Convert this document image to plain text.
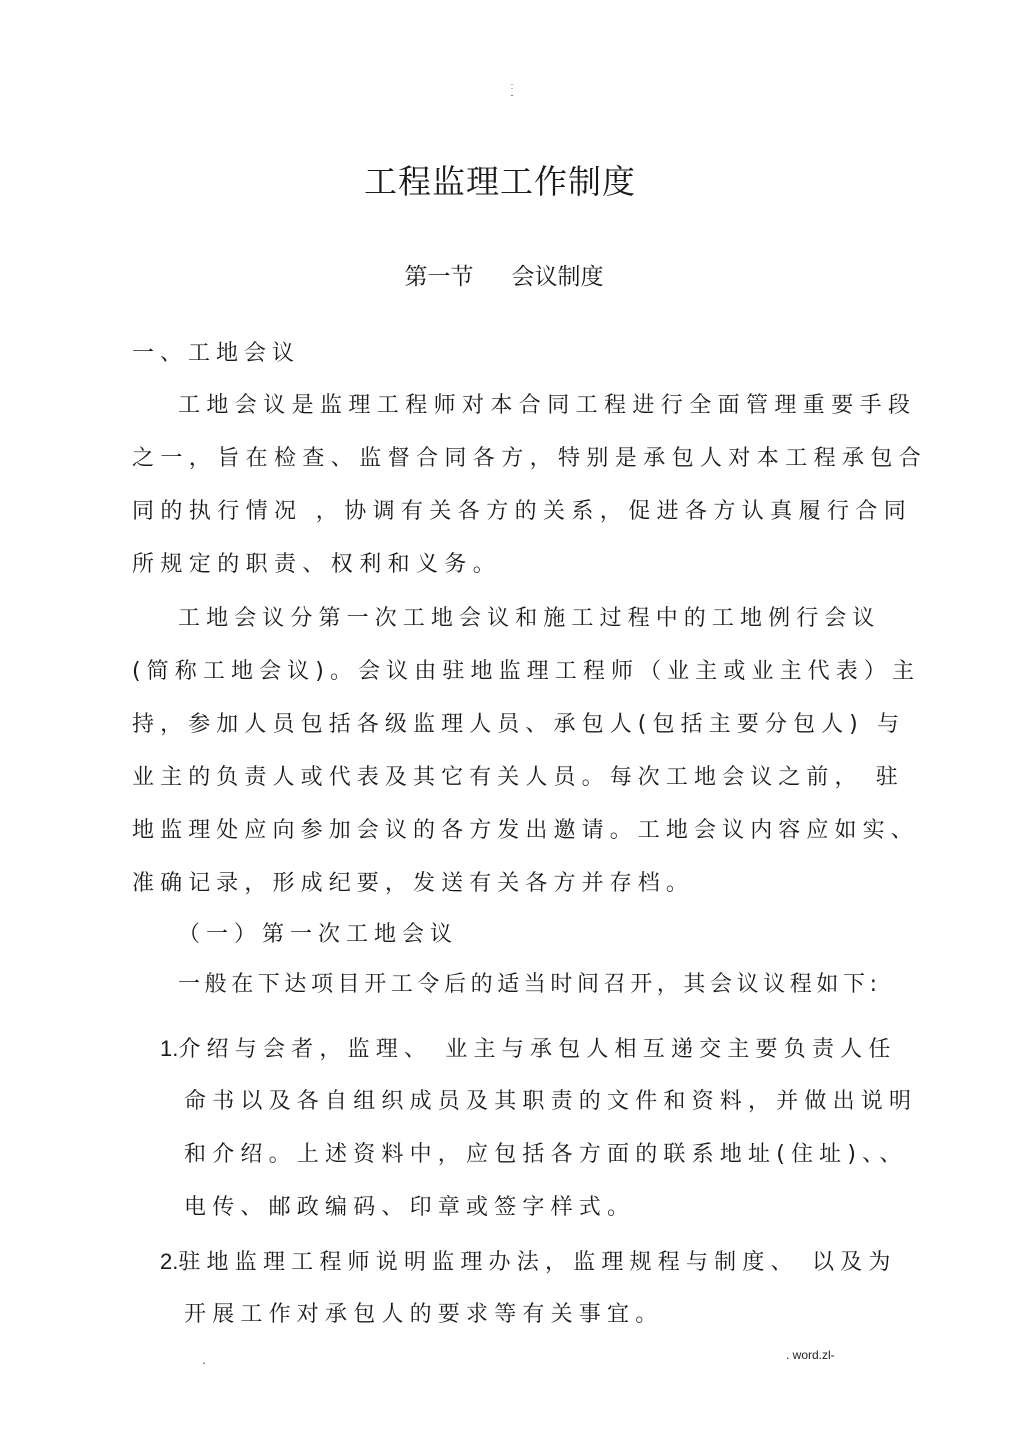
:
-
工程监理工作制度
第一节 会议制度
一、工地会议
工地会议是监理工程师对本合同工程进行全面管理重要手段
之一，旨在检查、监督合同各方，特别是承包人对本工程承包合
同的执行情况 ，协调有关各方的关系，促进各方认真履行合同
所规定的职责、权利和义务。
工地会议分第一次工地会议和施工过程中的工地例行会议
(简称工地会议)。会议由驻地监理工程师（业主或业主代表）主
持，参加人员包括各级监理人员、承包人(包括主要分包人) 与
业主的负责人或代表及其它有关人员。每次工地会议之前， 驻
地监理处应向参加会议的各方发出邀请。工地会议内容应如实、
准确记录，形成纪要，发送有关各方并存档。
（一）第一次工地会议
一般在下达项目开工令后的适当时间召开，其会议议程如下:
1.介绍与会者，监理、 业主与承包人相互递交主要负责人任
命书以及各自组织成员及其职责的文件和资料，并做出说明
和介绍。上述资料中，应包括各方面的联系地址(住址)、、
电传、邮政编码、印章或签字样式。
2.驻地监理工程师说明监理办法，监理规程与制度、 以及为
开展工作对承包人的要求等有关事宜。
.	. word.zl-
